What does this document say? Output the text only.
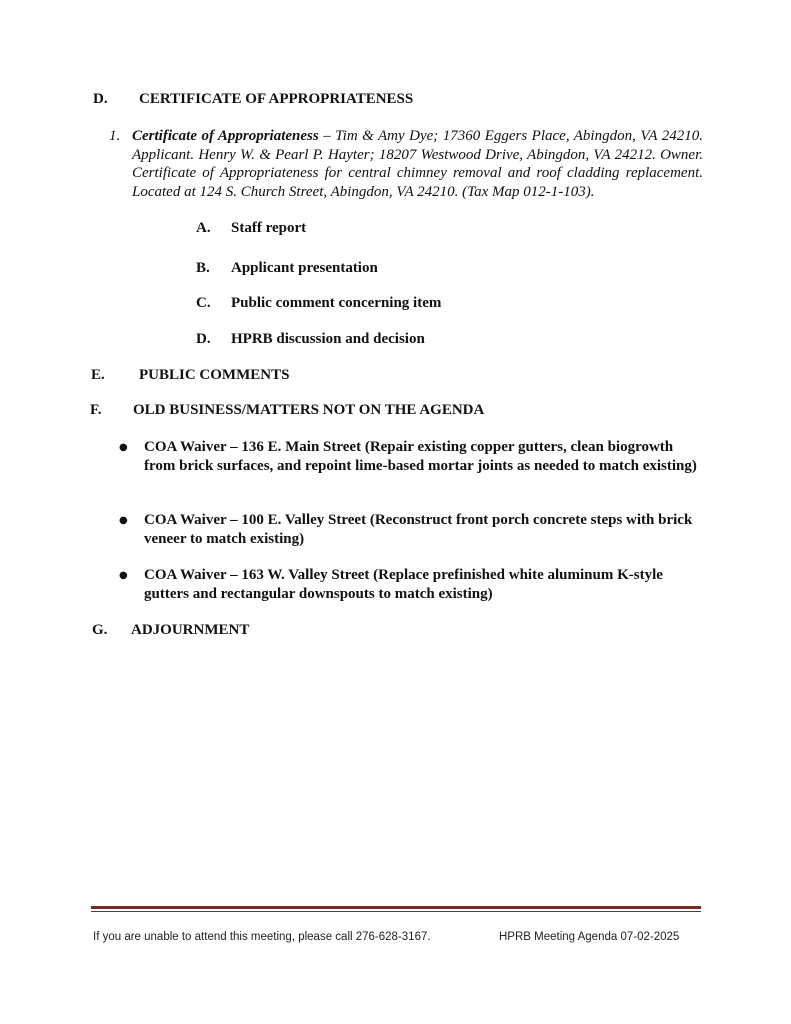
D. CERTIFICATE OF APPROPRIATENESS
1. Certificate of Appropriateness – Tim & Amy Dye; 17360 Eggers Place, Abingdon, VA 24210. Applicant. Henry W. & Pearl P. Hayter; 18207 Westwood Drive, Abingdon, VA 24212. Owner. Certificate of Appropriateness for central chimney removal and roof cladding replacement. Located at 124 S. Church Street, Abingdon, VA 24210. (Tax Map 012-1-103).
A. Staff report
B. Applicant presentation
C. Public comment concerning item
D. HPRB discussion and decision
E. PUBLIC COMMENTS
F. OLD BUSINESS/MATTERS NOT ON THE AGENDA
● COA Waiver – 136 E. Main Street (Repair existing copper gutters, clean biogrowth from brick surfaces, and repoint lime-based mortar joints as needed to match existing)
● COA Waiver – 100 E. Valley Street (Reconstruct front porch concrete steps with brick veneer to match existing)
● COA Waiver – 163 W. Valley Street (Replace prefinished white aluminum K-style gutters and rectangular downspouts to match existing)
G. ADJOURNMENT
If you are unable to attend this meeting, please call 276-628-3167.	HPRB Meeting Agenda 07-02-2025
